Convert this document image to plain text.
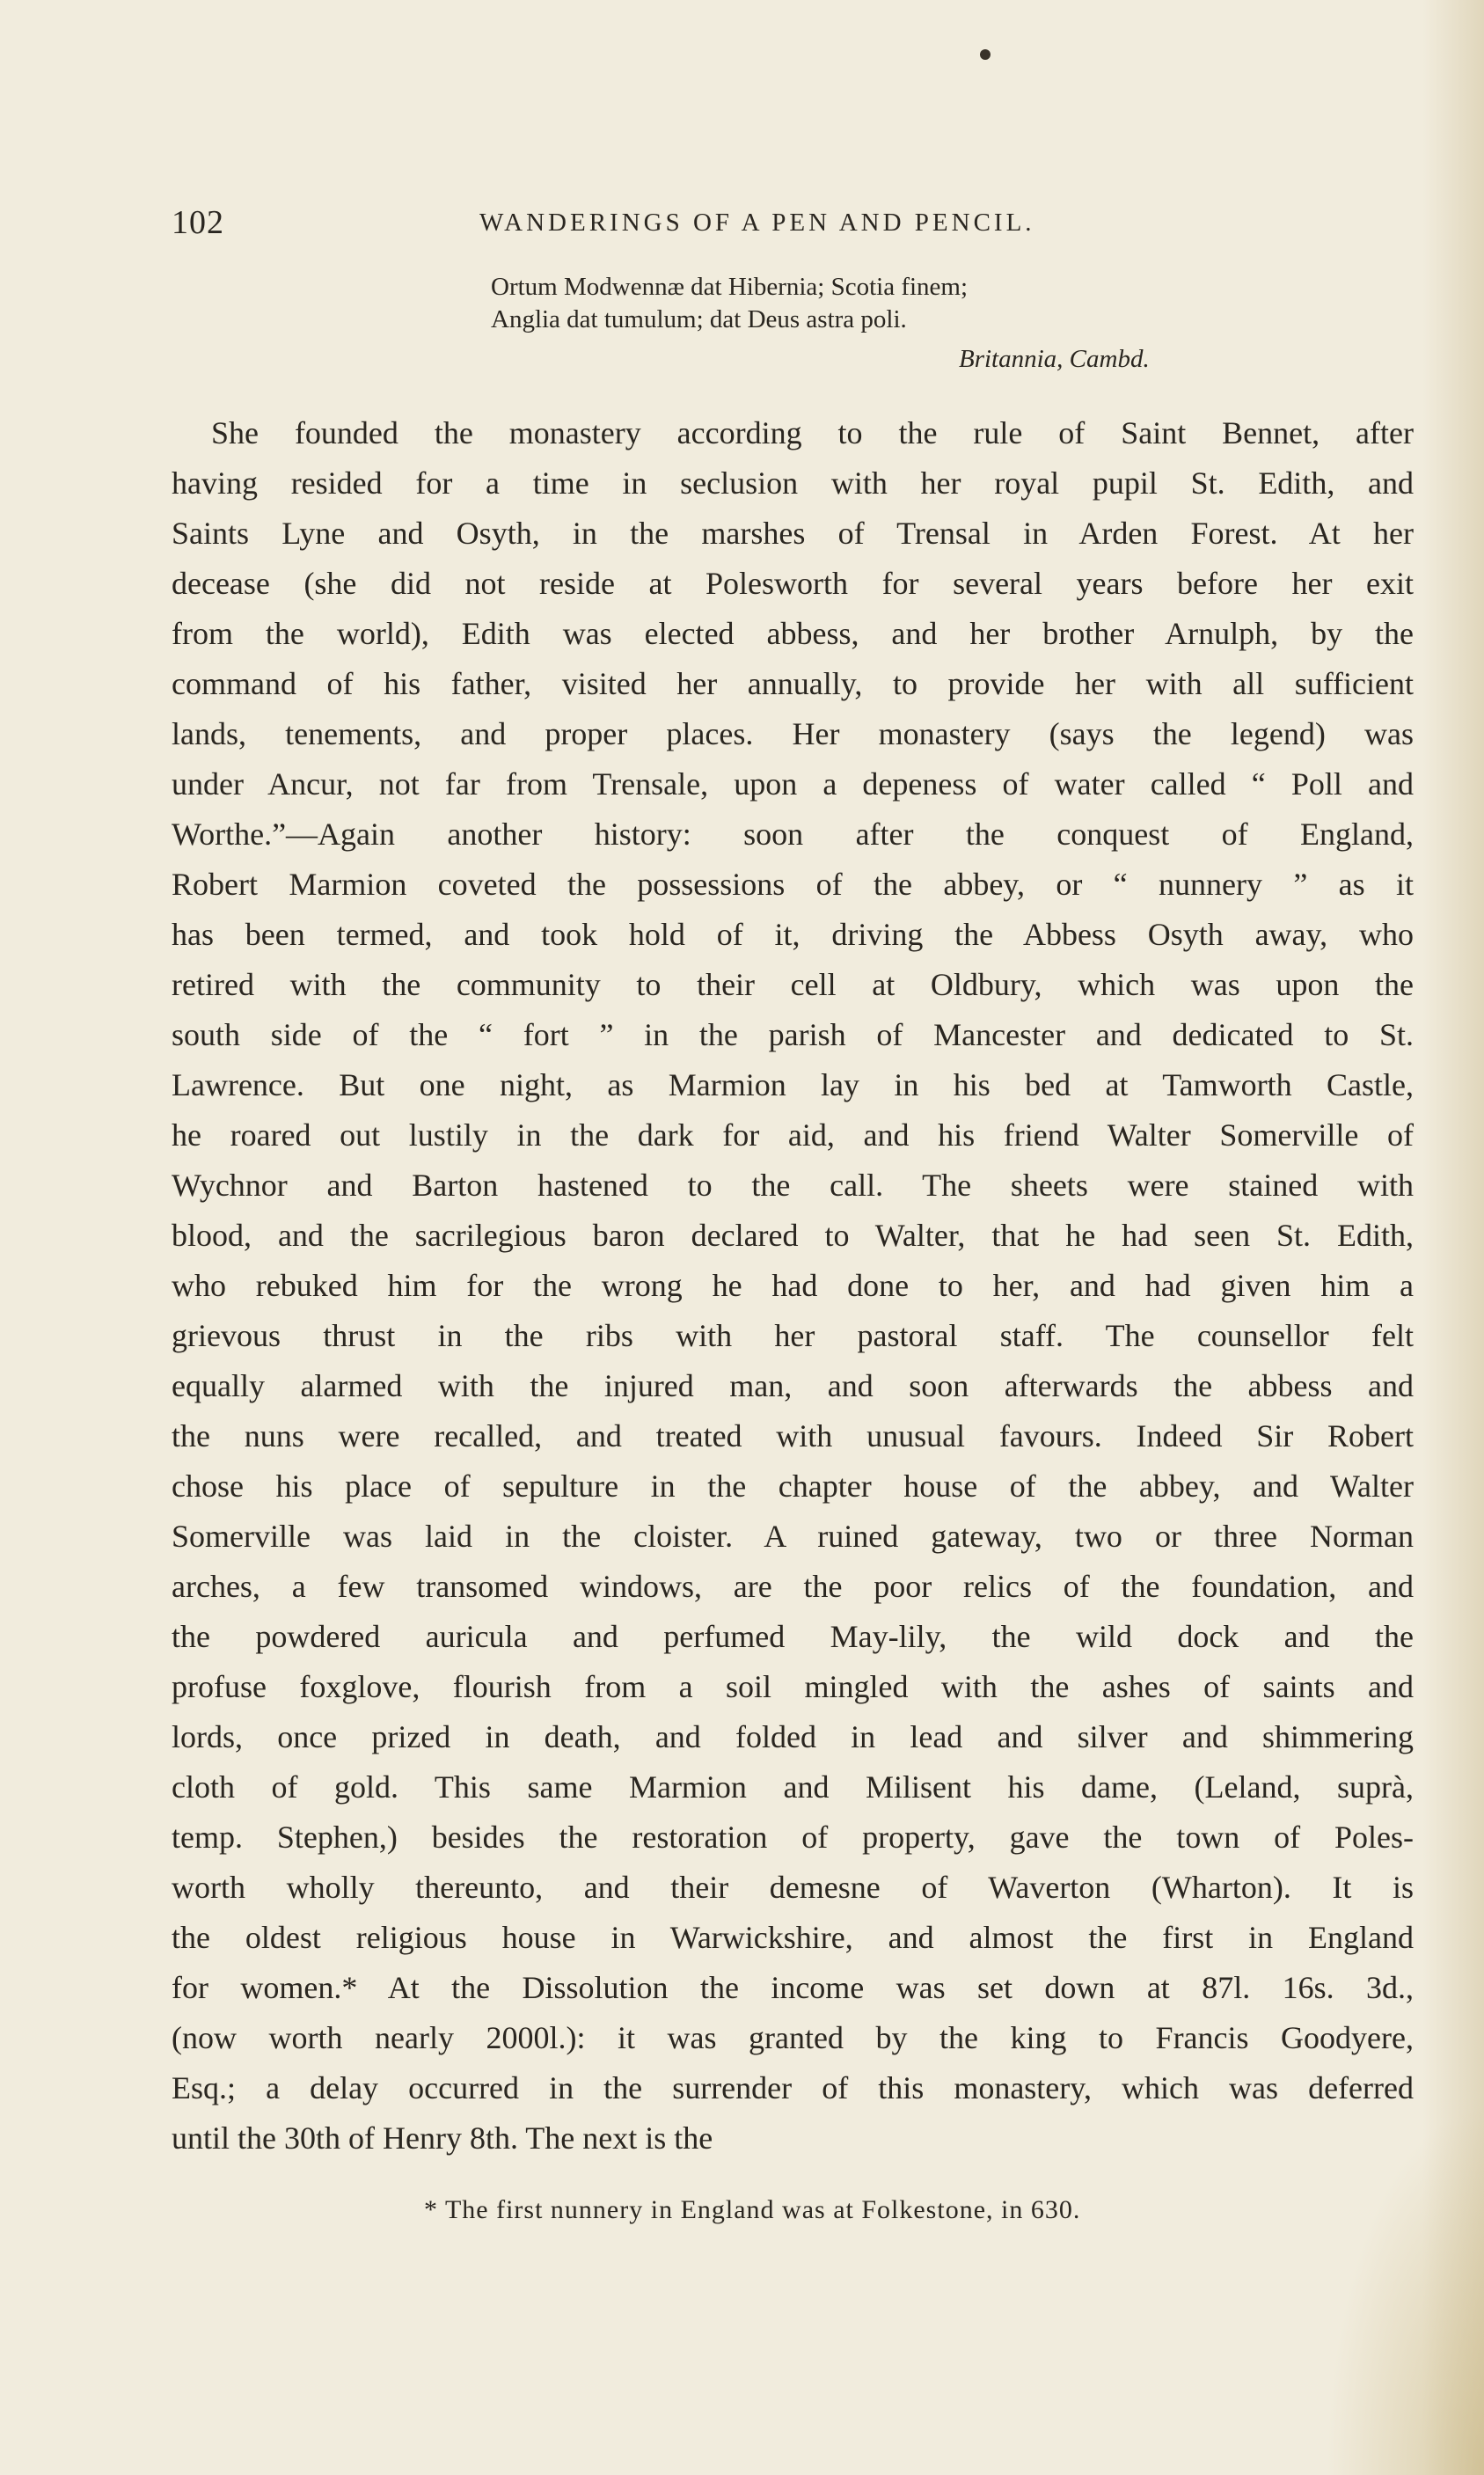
102	WANDERINGS OF A PEN AND PENCIL.
Ortum Modwennæ dat Hibernia; Scotia finem;
Anglia dat tumulum; dat Deus astra poli.
Britannia, Cambd.
She founded the monastery according to the rule of Saint Bennet, after
having resided for a time in seclusion with her royal pupil St. Edith, and
Saints Lyne and Osyth, in the marshes of Trensal in Arden Forest. At her
decease (she did not reside at Polesworth for several years before her exit
from the world), Edith was elected abbess, and her brother Arnulph, by the
command of his father, visited her annually, to provide her with all sufficient
lands, tenements, and proper places. Her monastery (says the legend) was
under Ancur, not far from Trensale, upon a depeness of water called “ Poll and
Worthe.”—Again another history: soon after the conquest of England,
Robert Marmion coveted the possessions of the abbey, or “ nunnery ” as it
has been termed, and took hold of it, driving the Abbess Osyth away, who
retired with the community to their cell at Oldbury, which was upon the
south side of the “ fort ” in the parish of Mancester and dedicated to St.
Lawrence. But one night, as Marmion lay in his bed at Tamworth Castle,
he roared out lustily in the dark for aid, and his friend Walter Somerville of
Wychnor and Barton hastened to the call. The sheets were stained with
blood, and the sacrilegious baron declared to Walter, that he had seen St. Edith,
who rebuked him for the wrong he had done to her, and had given him a
grievous thrust in the ribs with her pastoral staff. The counsellor felt
equally alarmed with the injured man, and soon afterwards the abbess and
the nuns were recalled, and treated with unusual favours. Indeed Sir Robert
chose his place of sepulture in the chapter house of the abbey, and Walter
Somerville was laid in the cloister. A ruined gateway, two or three Norman
arches, a few transomed windows, are the poor relics of the foundation, and
the powdered auricula and perfumed May-lily, the wild dock and the
profuse foxglove, flourish from a soil mingled with the ashes of saints and
lords, once prized in death, and folded in lead and silver and shimmering
cloth of gold. This same Marmion and Milisent his dame, (Leland, suprà,
temp. Stephen,) besides the restoration of property, gave the town of Poles-
worth wholly thereunto, and their demesne of Waverton (Wharton). It is
the oldest religious house in Warwickshire, and almost the first in England
for women.* At the Dissolution the income was set down at 87l. 16s. 3d.,
(now worth nearly 2000l.): it was granted by the king to Francis Goodyere,
Esq.; a delay occurred in the surrender of this monastery, which was deferred
until the 30th of Henry 8th. The next is the
* The first nunnery in England was at Folkestone, in 630.
